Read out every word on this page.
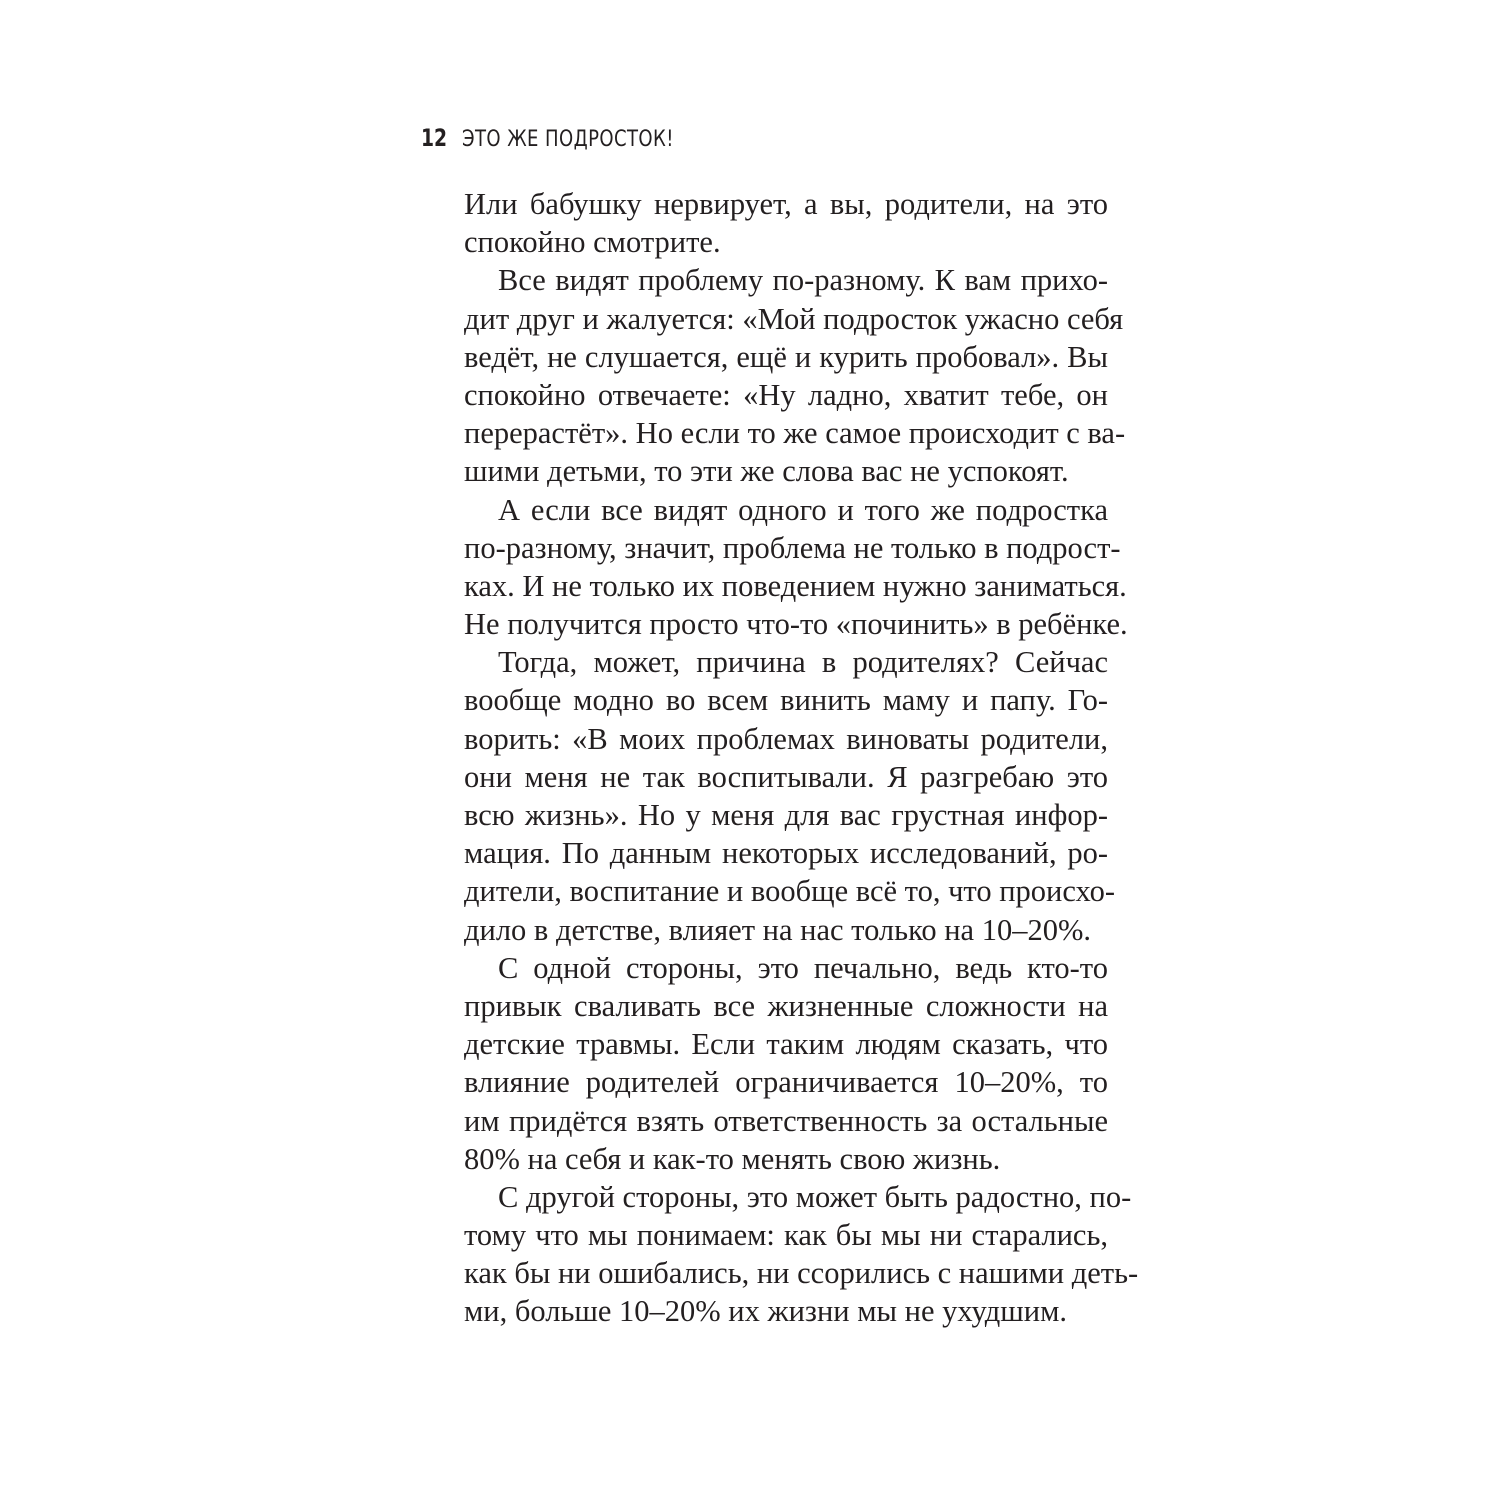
12 ЭТО ЖЕ ПОДРОСТОК!
Или бабушку нервирует, а вы, родители, на это
спокойно смотрите.
Все видят проблему по-разному. К вам прихо-
дит друг и жалуется: «Мой подросток ужасно себя
ведёт, не слушается, ещё и курить пробовал». Вы
спокойно отвечаете: «Ну ладно, хватит тебе, он
перерастёт». Но если то же самое происходит с ва-
шими детьми, то эти же слова вас не успокоят.
А если все видят одного и того же подростка
по-разному, значит, проблема не только в подрост-
ках. И не только их поведением нужно заниматься.
Не получится просто что-то «починить» в ребёнке.
Тогда, может, причина в родителях? Сейчас
вообще модно во всем винить маму и папу. Го-
ворить: «В моих проблемах виноваты родители,
они меня не так воспитывали. Я разгребаю это
всю жизнь». Но у меня для вас грустная инфор-
мация. По данным некоторых исследований, ро-
дители, воспитание и вообще всё то, что происхо-
дило в детстве, влияет на нас только на 10–20%.
С одной стороны, это печально, ведь кто-то
привык сваливать все жизненные сложности на
детские травмы. Если таким людям сказать, что
влияние родителей ограничивается 10–20%, то
им придётся взять ответственность за остальные
80% на себя и как-то менять свою жизнь.
С другой стороны, это может быть радостно, по-
тому что мы понимаем: как бы мы ни старались,
как бы ни ошибались, ни ссорились с нашими деть-
ми, больше 10–20% их жизни мы не ухудшим.
